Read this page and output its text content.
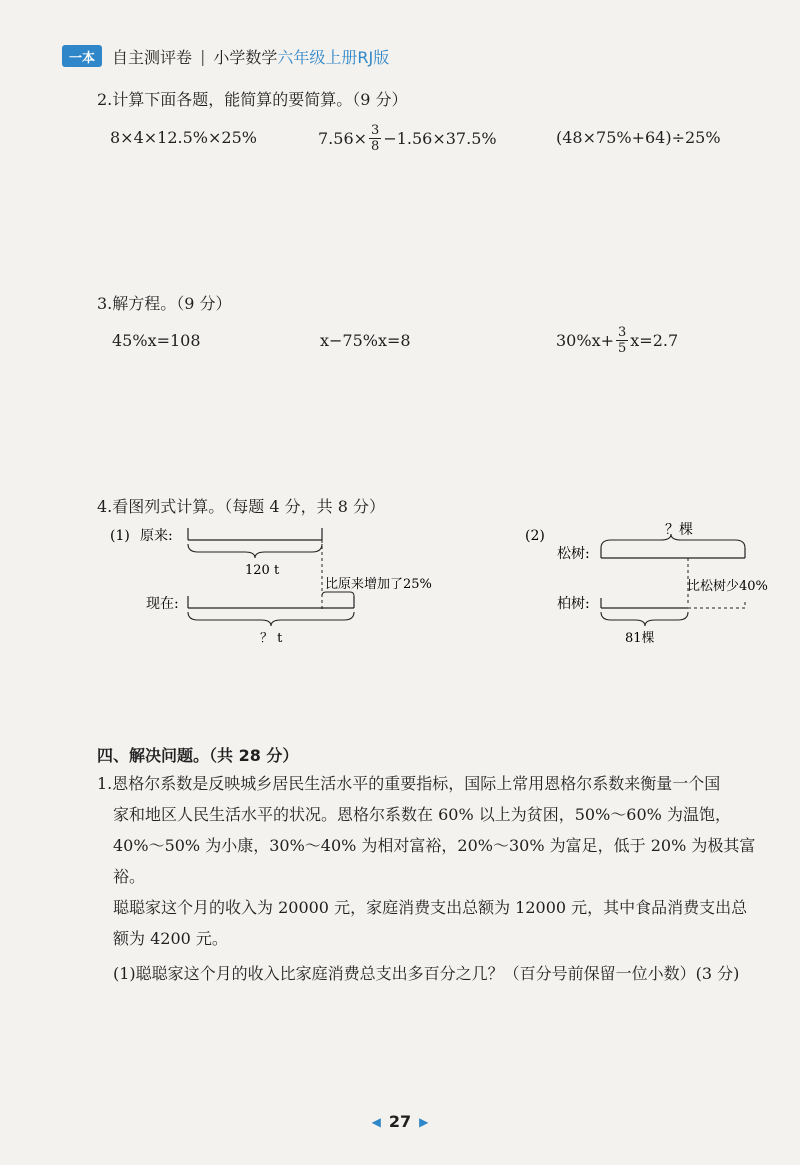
一本	自主测评卷 | 小学数学 六年级上册RJ版
2.计算下面各题，能简算的要简算。（9 分）
8×4×12.5%×25%	$7.56\times \frac{3}{8} -1.56\times 37.5\%$	(48×75%+64)÷25%
3.解方程。（9 分）
45%x=108	x−75%x=8	$30\%x+ \frac{3}{5} x=2.7$
4.看图列式计算。（每题 4 分，共 8 分）
(1) 原来:
120 t
比原来增加了25%
现在:
？ t
(2)	？棵
松树:
比松树少40%
柏树:
81棵
四、解决问题。（共 28 分）
1.恩格尔系数是反映城乡居民生活水平的重要指标，国际上常用恩格尔系数来衡量一个国
家和地区人民生活水平的状况。恩格尔系数在 60% 以上为贫困，50%～60% 为温饱，
40%～50% 为小康，30%～40% 为相对富裕，20%～30% 为富足，低于 20% 为极其富裕。
聪聪家这个月的收入为 20000 元，家庭消费支出总额为 12000 元，其中食品消费支出总
额为 4200 元。
(1)聪聪家这个月的收入比家庭消费总支出多百分之几？（百分号前保留一位小数）(3 分)
◀ 27 ▶
